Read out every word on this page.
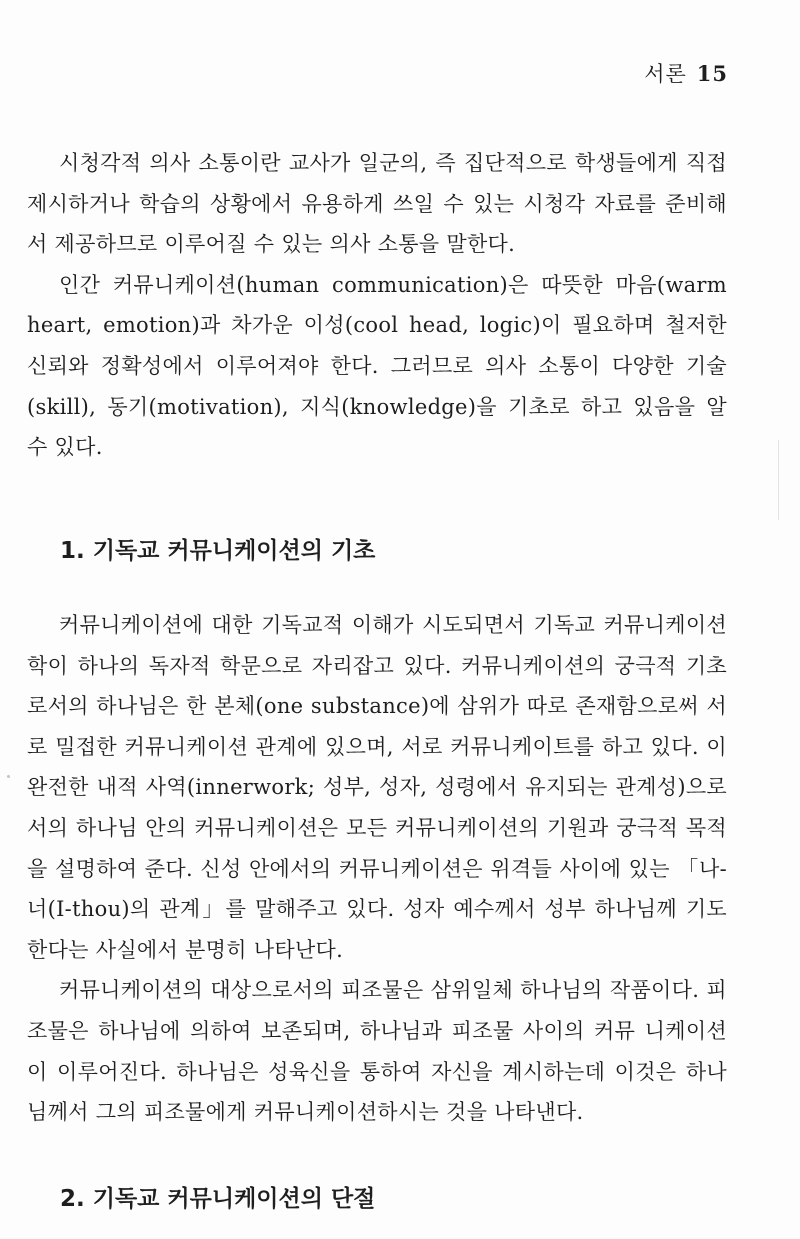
서론 15

시청각적 의사 소통이란 교사가 일군의, 즉 집단적으로 학생들에게 직접 제시하거나 학습의 상황에서 유용하게 쓰일 수 있는 시청각 자료를 준비해서 제공하므로 이루어질 수 있는 의사 소통을 말한다.

인간 커뮤니케이션(human communication)은 따뜻한 마음(warm heart, emotion)과 차가운 이성(cool head, logic)이 필요하며 철저한 신뢰와 정확성에서 이루어져야 한다. 그러므로 의사 소통이 다양한 기술(skill), 동기(motivation), 지식(knowledge)을 기초로 하고 있음을 알 수 있다.

1. 기독교 커뮤니케이션의 기초

커뮤니케이션에 대한 기독교적 이해가 시도되면서 기독교 커뮤니케이션학이 하나의 독자적 학문으로 자리잡고 있다. 커뮤니케이션의 궁극적 기초로서의 하나님은 한 본체(one substance)에 삼위가 따로 존재함으로써 서로 밀접한 커뮤니케이션 관계에 있으며, 서로 커뮤니케이트를 하고 있다. 이 완전한 내적 사역(innerwork; 성부, 성자, 성령에서 유지되는 관계성)으로서의 하나님 안의 커뮤니케이션은 모든 커뮤니케이션의 기원과 궁극적 목적을 설명하여 준다. 신성 안에서의 커뮤니케이션은 위격들 사이에 있는 「나-너(I-thou)의 관계」를 말해주고 있다. 성자 예수께서 성부 하나님께 기도한다는 사실에서 분명히 나타난다.

커뮤니케이션의 대상으로서의 피조물은 삼위일체 하나님의 작품이다. 피조물은 하나님에 의하여 보존되며, 하나님과 피조물 사이의 커뮤 니케이션이 이루어진다. 하나님은 성육신을 통하여 자신을 계시하는데 이것은 하나님께서 그의 피조물에게 커뮤니케이션하시는 것을 나타낸다.

2. 기독교 커뮤니케이션의 단절
